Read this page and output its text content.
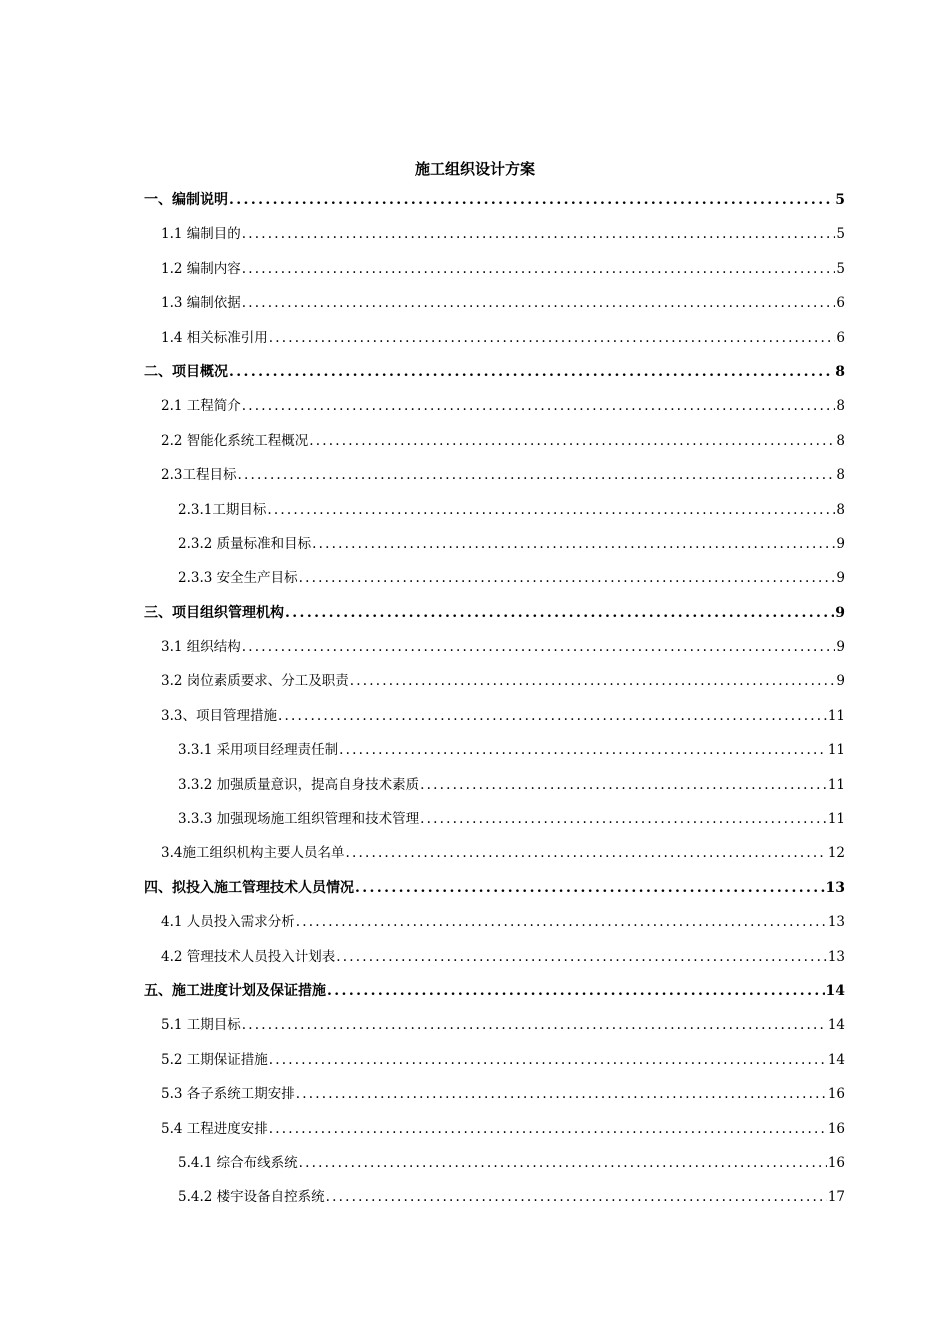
施工组织设计方案
一、编制说明 .....	5
1.1 编制目的 .....	5
1.2 编制内容 .....	5
1.3 编制依据 .....	6
1.4 相关标准引用 .....	6
二、项目概况 .....	8
2.1 工程简介 .....	8
2.2 智能化系统工程概况 .....	8
2.3工程目标 .....	8
2.3.1工期目标 .....	8
2.3.2 质量标准和目标 .....	9
2.3.3 安全生产目标 .....	9
三、项目组织管理机构 .....	9
3.1 组织结构 .....	9
3.2 岗位素质要求、分工及职责 .....	9
3.3、项目管理措施 .....	11
3.3.1 采用项目经理责任制 .....	11
3.3.2 加强质量意识，提高自身技术素质 .....	11
3.3.3 加强现场施工组织管理和技术管理 .....	11
3.4施工组织机构主要人员名单 .....	12
四、拟投入施工管理技术人员情况 .....	13
4.1 人员投入需求分析 .....	13
4.2 管理技术人员投入计划表 .....	13
五、施工进度计划及保证措施 .....	14
5.1 工期目标 .....	14
5.2 工期保证措施 .....	14
5.3 各子系统工期安排 .....	16
5.4 工程进度安排 .....	16
5.4.1 综合布线系统 .....	16
5.4.2 楼宇设备自控系统 .....	17
